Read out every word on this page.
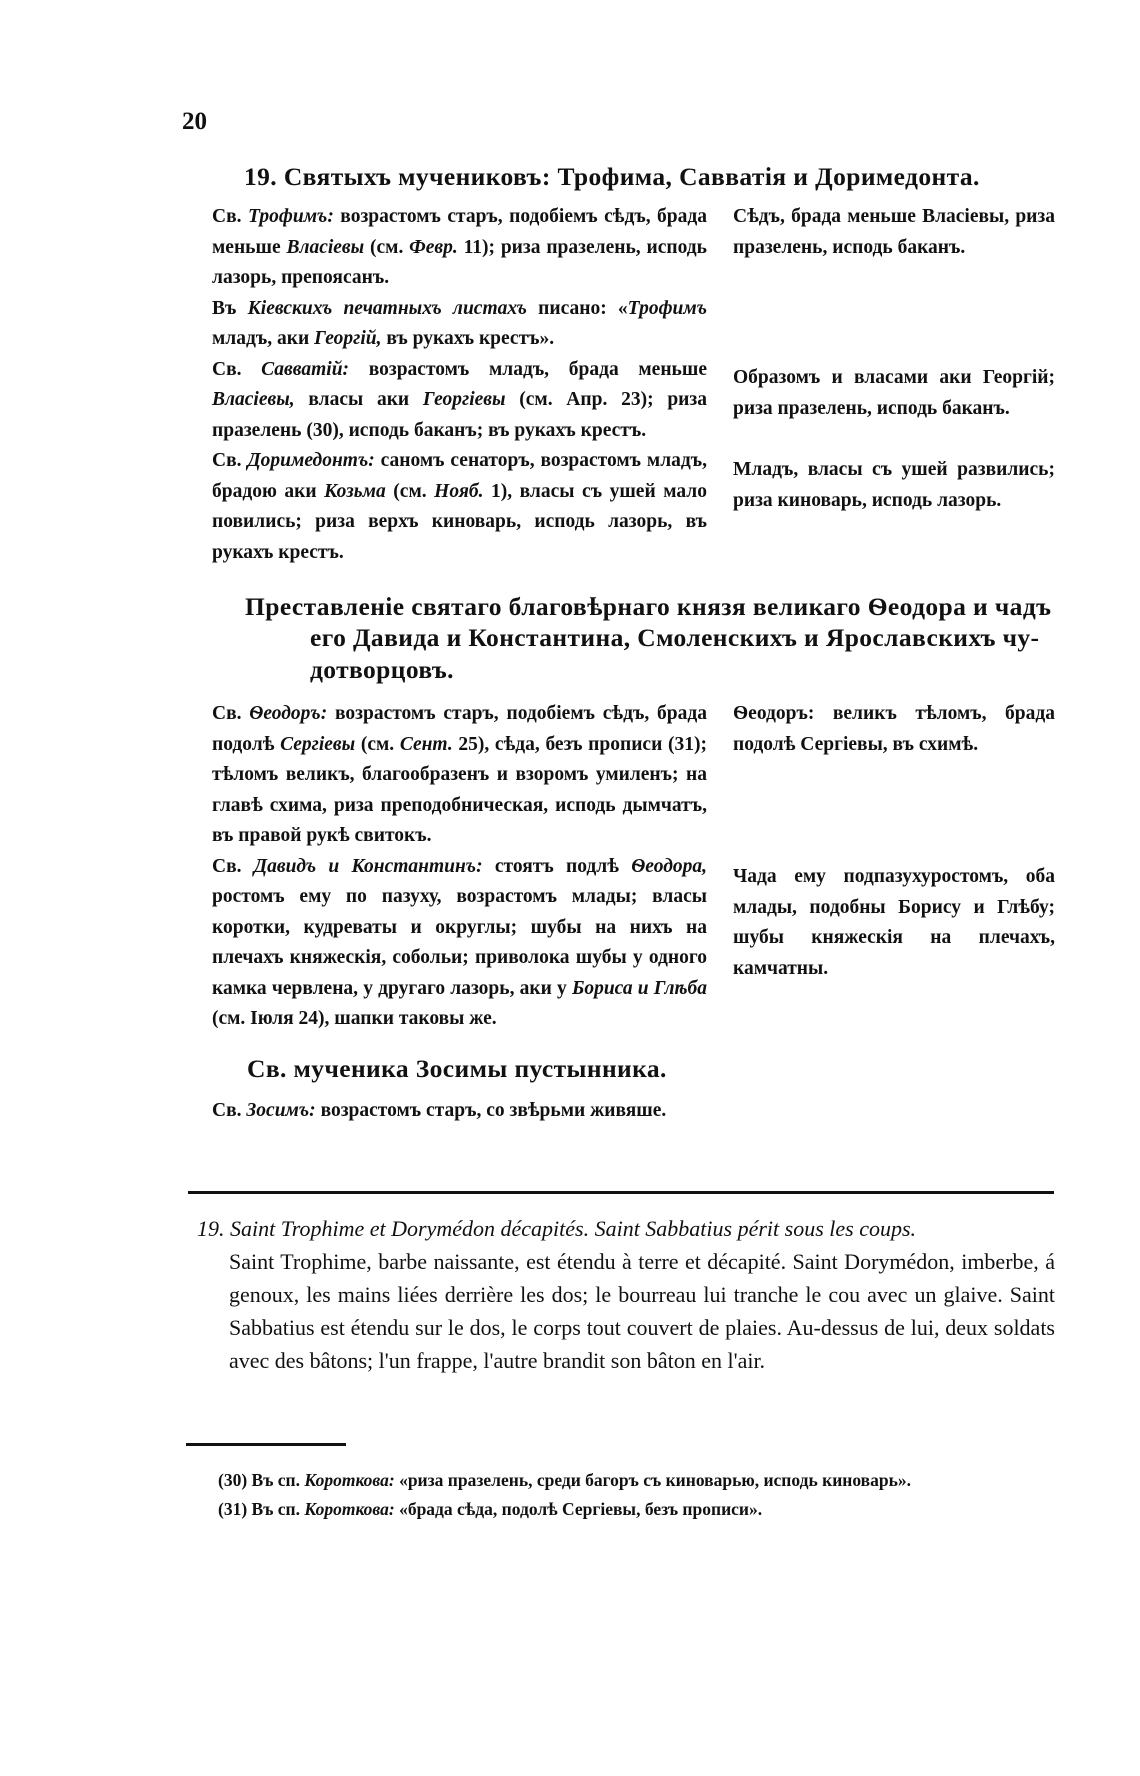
20
19. Святыхъ мучениковъ: Трофима, Савватія и Доримедонта.
Св. Трофимъ: возрастомъ старъ, подобіемъ сѣдъ, брада меньше Власіевы (см. Февр. 11); риза празелень, исподь лазорь, препоясанъ.
Въ Кіевскихъ печатныхъ листахъ писано: «Трофимъ младъ, аки Георгій, въ рукахъ крестъ».
Св. Савватій: возрастомъ младъ, брада меньше Власіевы, власы аки Георгіевы (см. Апр. 23); риза празелень (30), исподь баканъ; въ рукахъ крестъ.
Св. Доримедонтъ: саномъ сенаторъ, возрастомъ младъ, брадою аки Козьма (см. Нояб. 1), власы съ ушей мало повились; риза верхъ киноварь, исподь лазорь, въ рукахъ крестъ.
Сѣдъ, брада меньше Власіевы, риза празелень, исподь баканъ.
Образомъ и власами аки Георгій; риза празелень, исподь баканъ.
Младъ, власы съ ушей развились; риза киноварь, исподь лазорь.
Преставленіе святаго благовѣрнаго князя великаго Ѳеодора и чадъ
его Давида и Константина, Смоленскихъ и Ярославскихъ чу-
дотворцовъ.
Св. Ѳеодоръ: возрастомъ старъ, подобіемъ сѣдъ, брада подолѣ Сергіевы (см. Сент. 25), сѣда, безъ прописи (31); тѣломъ великъ, благообразенъ и взоромъ умиленъ; на главѣ схима, риза преподобническая, исподь дымчатъ, въ правой рукѣ свитокъ.
Св. Давидъ и Константинъ: стоятъ подлѣ Ѳеодора, ростомъ ему по пазуху, возрастомъ млады; власы коротки, кудреваты и округлы; шубы на нихъ на плечахъ княжескія, собольи; приволока шубы у одного камка червлена, у другаго лазорь, аки у Бориса и Глѣба (см. Іюля 24), шапки таковы же.
Ѳеодоръ: великъ тѣломъ, брада подолѣ Сергіевы, въ схимѣ.
Чада ему подпазухуростомъ, оба млады, подобны Борису и Глѣбу; шубы княжескія на плечахъ, камчатны.
Св. мученика Зосимы пустынника.
Св. Зосимъ: возрастомъ старъ, со звѣрьми живяше.
19. Saint Trophime et Dorymédon décapités. Saint Sabbatius périt sous les coups.
Saint Trophime, barbe naissante, est étendu à terre et décapité. Saint Dorymédon, imberbe, á genoux, les mains liées derrière les dos; le bourreau lui tranche le cou avec un glaive. Saint Sabbatius est étendu sur le dos, le corps tout couvert de plaies. Au-dessus de lui, deux soldats avec des bâtons; l'un frappe, l'autre brandit son bâton en l'air.
(30) Въ сп. Короткова: «риза празелень, среди багоръ съ киноварью, исподь киноварь».
(31) Въ сп. Короткова: «брада сѣда, подолѣ Сергіевы, безъ прописи».
